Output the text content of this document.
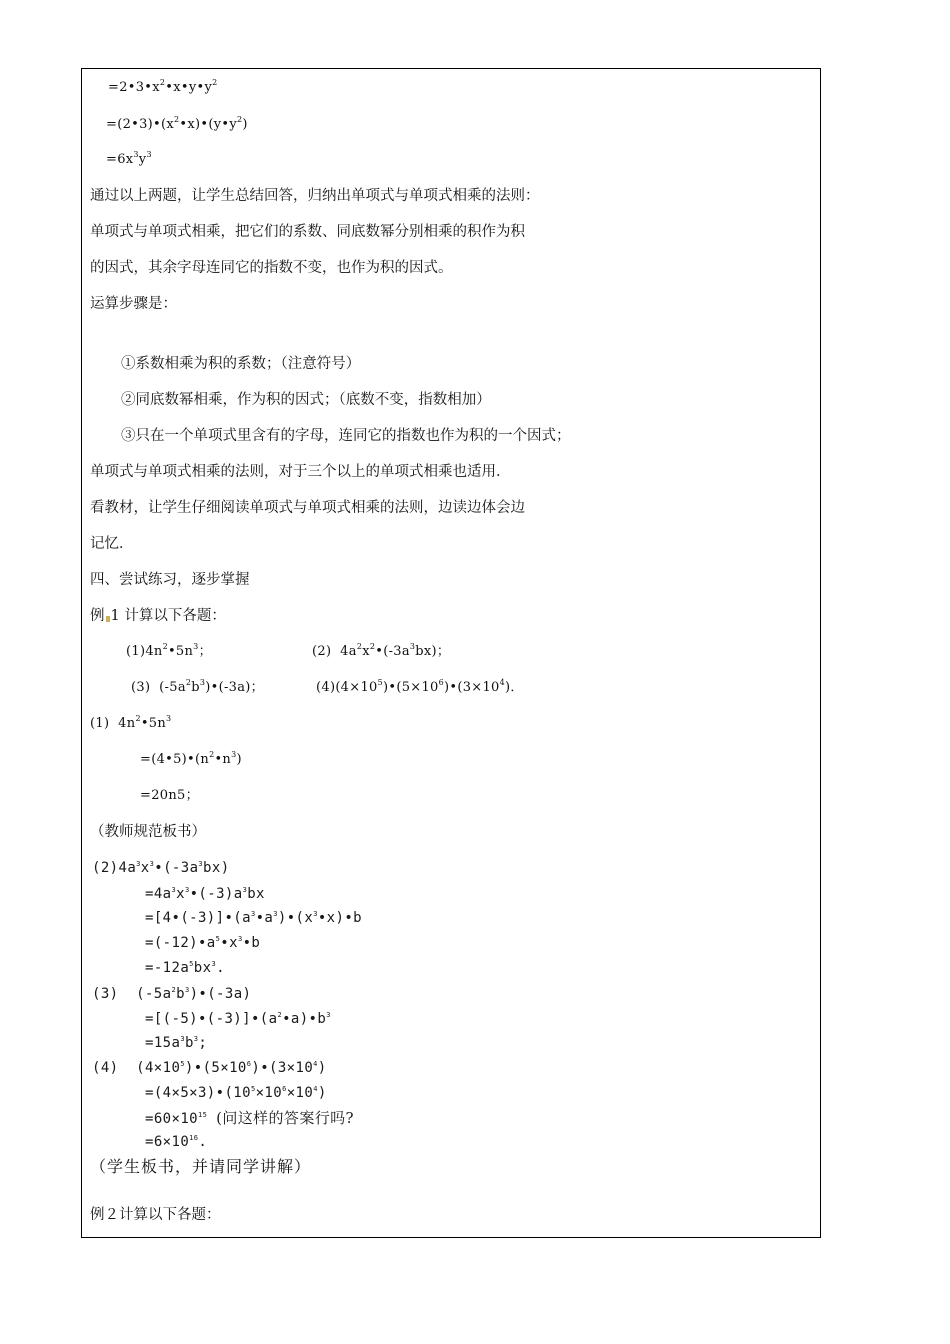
$=2•3•x^2•x•y•y^2$
$=(2•3)•(x^2•x)•(y•y^2)$
$=6x^3y^3$
通过以上两题，让学生总结回答，归纳出单项式与单项式相乘的法则：
单项式与单项式相乘，把它们的系数、同底数幂分别相乘的积作为积
的因式，其余字母连同它的指数不变，也作为积的因式。
运算步骤是：
①系数相乘为积的系数；（注意符号）
②同底数幂相乘，作为积的因式；（底数不变，指数相加）
③只在一个单项式里含有的字母，连同它的指数也作为积的一个因式；
单项式与单项式相乘的法则，对于三个以上的单项式相乘也适用．
看教材，让学生仔细阅读单项式与单项式相乘的法则，边读边体会边
记忆．
四、尝试练习，逐步掌握
例 1 计算以下各题：
$(1)4n^2•5n^3$；	(2)  $4a^2x^2•(-3a^3bx)$；
(3)  $(-5a^2b^3)•(-3a)$；	$(4)(4\times 10^5)•(5\times 10^6)•(3\times 10^4)$．
(1)  $4n^2•5n^3$
$=(4•5)•(n^2•n^3)$
=20n5；
（教师规范板书）
$(2)4a^3x^3•(-3a^3bx)$
$=4a^3x^3•(-3)a^3bx$
$=[4•(-3)]•(a^3•a^3)•(x^3•x)•b$
$=(-12)•a^5•x^3•b$
$=-12a^5bx^3$.
(3)  $(-5a^2b^3)•(-3a)$
$=[(-5)•(-3)]•(a^2•a)•b^3$
$=15a^3b^3$;
(4)  $(4\times 10^5)•(5\times 10^6)•(3\times 10^4)$
$=(4\times 5\times 3)•(10^5\times 10^6\times 10^4)$
$=60\times 10^{15}$ (问这样的答案行吗?
$=6\times 10^{16}$.
（学生板书，并请同学讲解）
例２计算以下各题：
